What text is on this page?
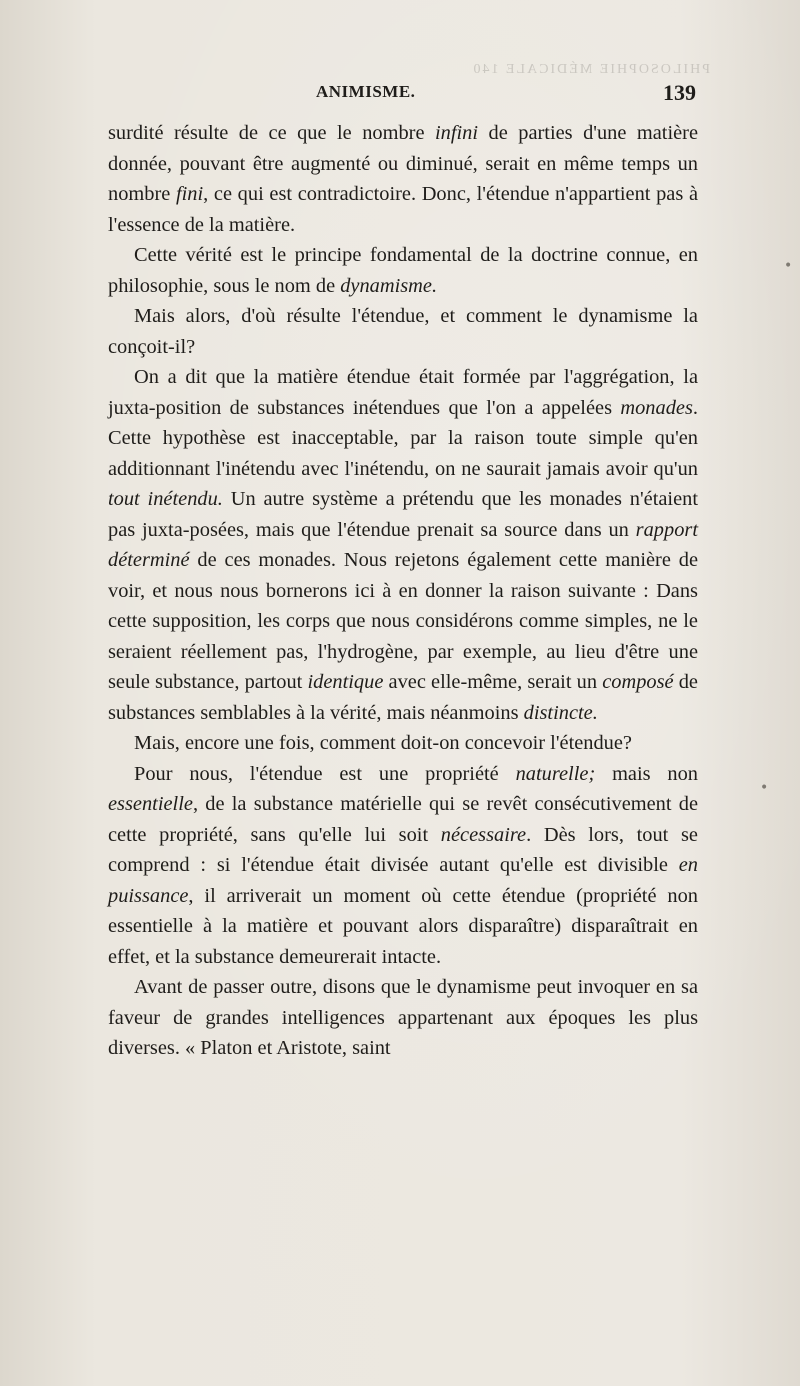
PHILOSOPHIE MÉDICALE 140
ANIMISME.	139

surdité résulte de ce que le nombre infini de parties d'une matière donnée, pouvant être augmenté ou diminué, serait en même temps un nombre fini, ce qui est contradictoire. Donc, l'étendue n'appartient pas à l'essence de la matière.

Cette vérité est le principe fondamental de la doctrine connue, en philosophie, sous le nom de dynamisme.

Mais alors, d'où résulte l'étendue, et comment le dynamisme la conçoit-il?

On a dit que la matière étendue était formée par l'aggrégation, la juxta-position de substances inétendues que l'on a appelées monades. Cette hypothèse est inacceptable, par la raison toute simple qu'en additionnant l'inétendu avec l'inétendu, on ne saurait jamais avoir qu'un tout inétendu. Un autre système a prétendu que les monades n'étaient pas juxta-posées, mais que l'étendue prenait sa source dans un rapport déterminé de ces monades. Nous rejetons également cette manière de voir, et nous nous bornerons ici à en donner la raison suivante : Dans cette supposition, les corps que nous considérons comme simples, ne le seraient réellement pas, l'hydrogène, par exemple, au lieu d'être une seule substance, partout identique avec elle-même, serait un composé de substances semblables à la vérité, mais néanmoins distincte.

Mais, encore une fois, comment doit-on concevoir l'étendue?

Pour nous, l'étendue est une propriété naturelle; mais non essentielle, de la substance matérielle qui se revêt consécutivement de cette propriété, sans qu'elle lui soit nécessaire. Dès lors, tout se comprend : si l'étendue était divisée autant qu'elle est divisible en puissance, il arriverait un moment où cette étendue (propriété non essentielle à la matière et pouvant alors disparaître) disparaîtrait en effet, et la substance demeurerait intacte.

Avant de passer outre, disons que le dynamisme peut invoquer en sa faveur de grandes intelligences appartenant aux époques les plus diverses. « Platon et Aristote, saint

•
•
